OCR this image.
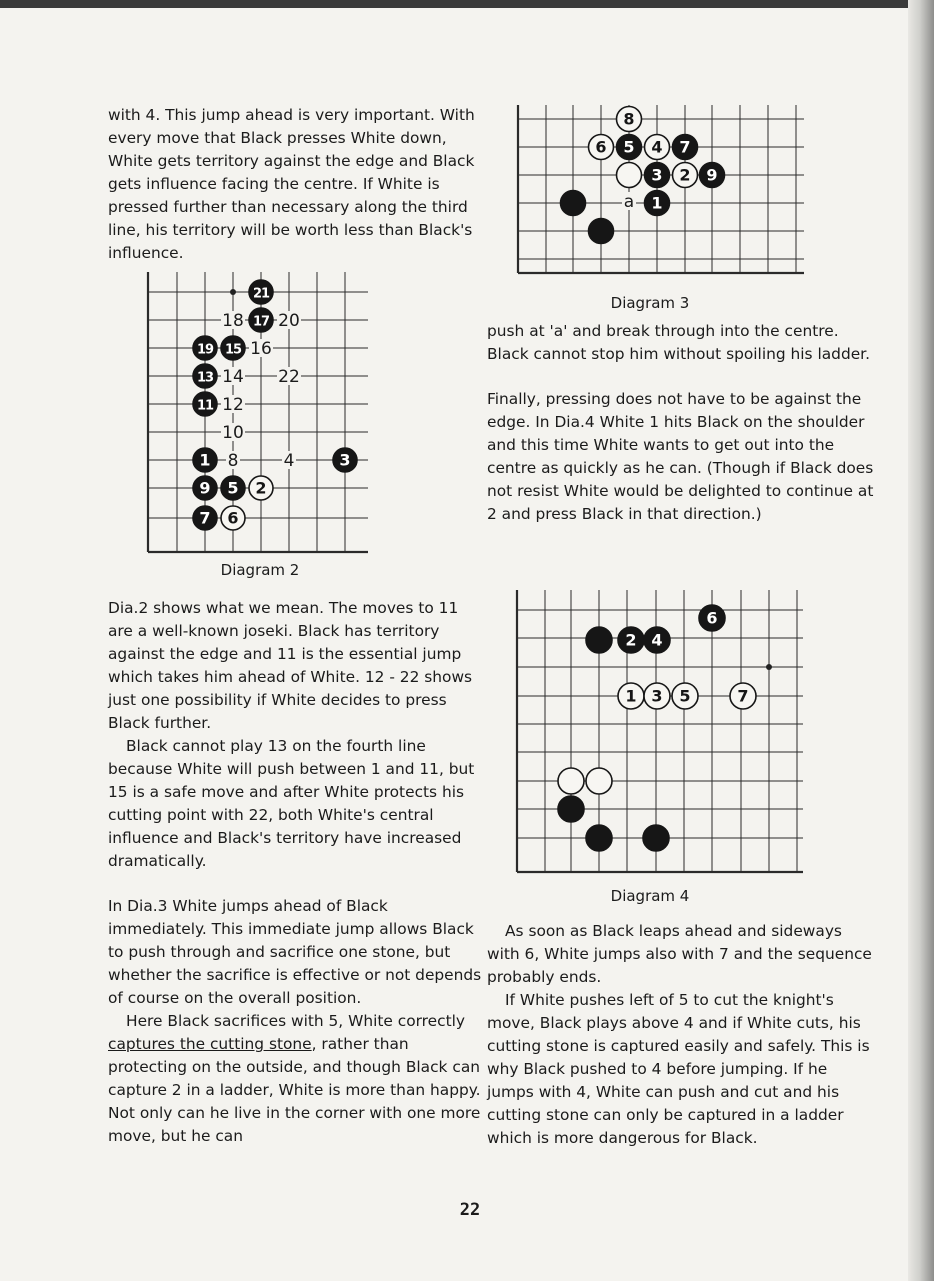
with 4. This jump ahead is very important. With every move that Black presses White down, White gets territory against the edge and Black gets influence facing the centre. If White is pressed further than necessary along the third line, his territory will be worth less than Black's influence.

21
17
19 15
13
11
1	3
9 5
7
2
6
18 20
16
14 22
12
10
8	4
Diagram 2

Dia.2 shows what we mean. The moves to 11 are a well-known joseki. Black has territory against the edge and 11 is the essential jump which takes him ahead of White. 12 - 22 shows just one possibility if White decides to press Black further.

Black cannot play 13 on the fourth line because White will push between 1 and 11, but 15 is a safe move and after White protects his cutting point with 22, both White's central influence and Black's territory have increased dramatically.

In Dia.3 White jumps ahead of Black immediately. This immediate jump allows Black to push through and sacrifice one stone, but whether the sacrifice is effective or not depends of course on the overall position.

Here Black sacrifices with 5, White correctly captures the cutting stone, rather than protecting on the outside, and though Black can capture 2 in a ladder, White is more than happy. Not only can he live in the corner with one more move, but he can

5	7
3	9
1
8
6	4
2
a
Diagram 3

push at 'a' and break through into the centre. Black cannot stop him without spoiling his ladder.

Finally, pressing does not have to be against the edge. In Dia.4 White 1 hits Black on the shoulder and this time White wants to get out into the centre as quickly as he can. (Though if Black does not resist White would be delighted to continue at 2 and press Black in that direction.)

6
2 4
1 3 5	7
Diagram 4

As soon as Black leaps ahead and sideways with 6, White jumps also with 7 and the sequence probably ends.

If White pushes left of 5 to cut the knight's move, Black plays above 4 and if White cuts, his cutting stone is captured easily and safely. This is why Black pushed to 4 before jumping. If he jumps with 4, White can push and cut and his cutting stone can only be captured in a ladder which is more dangerous for Black.

22
